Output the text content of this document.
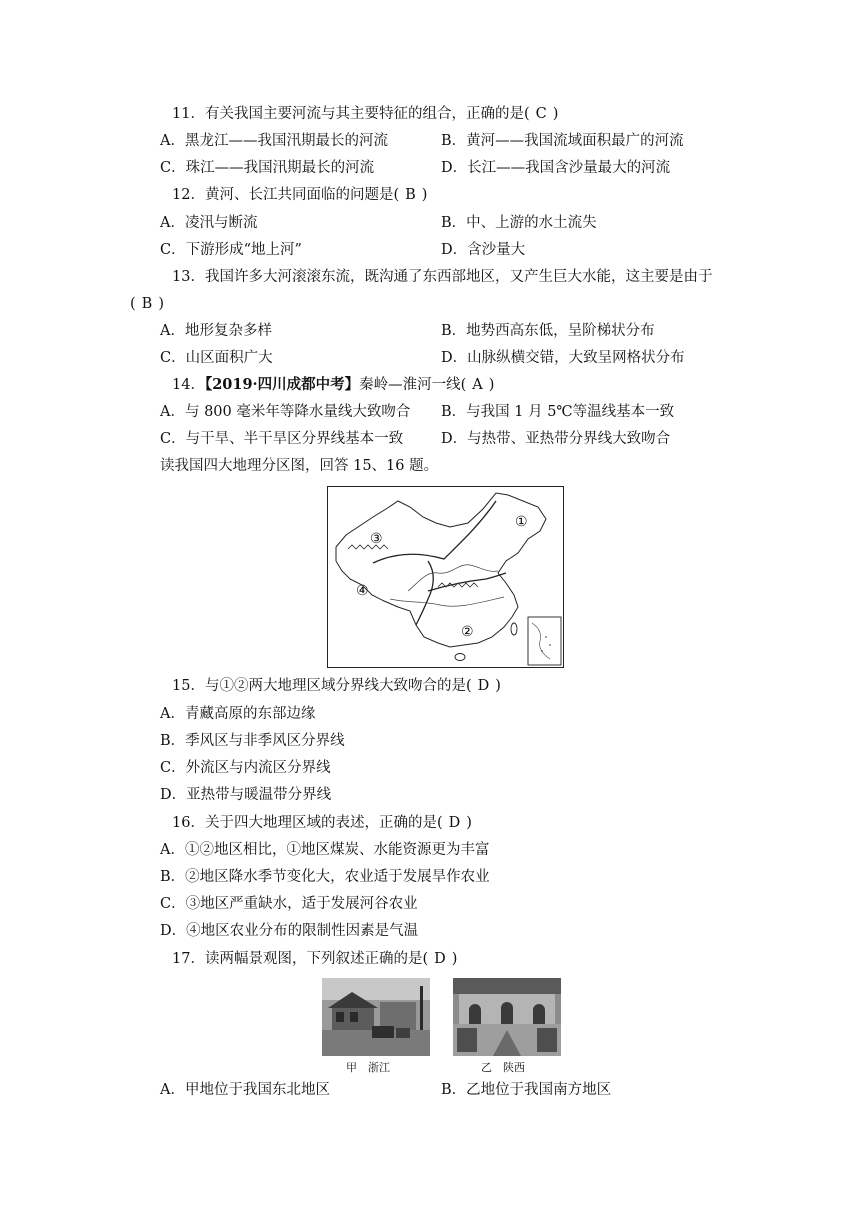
11．有关我国主要河流与其主要特征的组合，正确的是( C )
A．黑龙江——我国汛期最长的河流	B．黄河——我国流域面积最广的河流
C．珠江——我国汛期最长的河流	D．长江——我国含沙量最大的河流
12．黄河、长江共同面临的问题是( B )
A．凌汛与断流	B．中、上游的水土流失
C．下游形成“地上河”	D．含沙量大
13．我国许多大河滚滚东流，既沟通了东西部地区，又产生巨大水能，这主要是由于
( B )
A．地形复杂多样	B．地势西高东低，呈阶梯状分布
C．山区面积广大	D．山脉纵横交错，大致呈网格状分布
14．【2019·四川成都中考】秦岭—淮河一线( A )
A．与 800 毫米年等降水量线大致吻合 B．与我国 1 月 5℃等温线基本一致
C．与干旱、半干旱区分界线基本一致	D．与热带、亚热带分界线大致吻合
读我国四大地理分区图，回答 15、16 题。
①
②
③
④
15．与①②两大地理区域分界线大致吻合的是( D )
A．青藏高原的东部边缘
B．季风区与非季风区分界线
C．外流区与内流区分界线
D．亚热带与暖温带分界线
16．关于四大地理区域的表述，正确的是( D )
A．①②地区相比，①地区煤炭、水能资源更为丰富
B．②地区降水季节变化大，农业适于发展旱作农业
C．③地区严重缺水，适于发展河谷农业
D．④地区农业分布的限制性因素是气温
17．读两幅景观图，下列叙述正确的是( D )
甲　浙江	乙　陕西
A．甲地位于我国东北地区	B．乙地位于我国南方地区
